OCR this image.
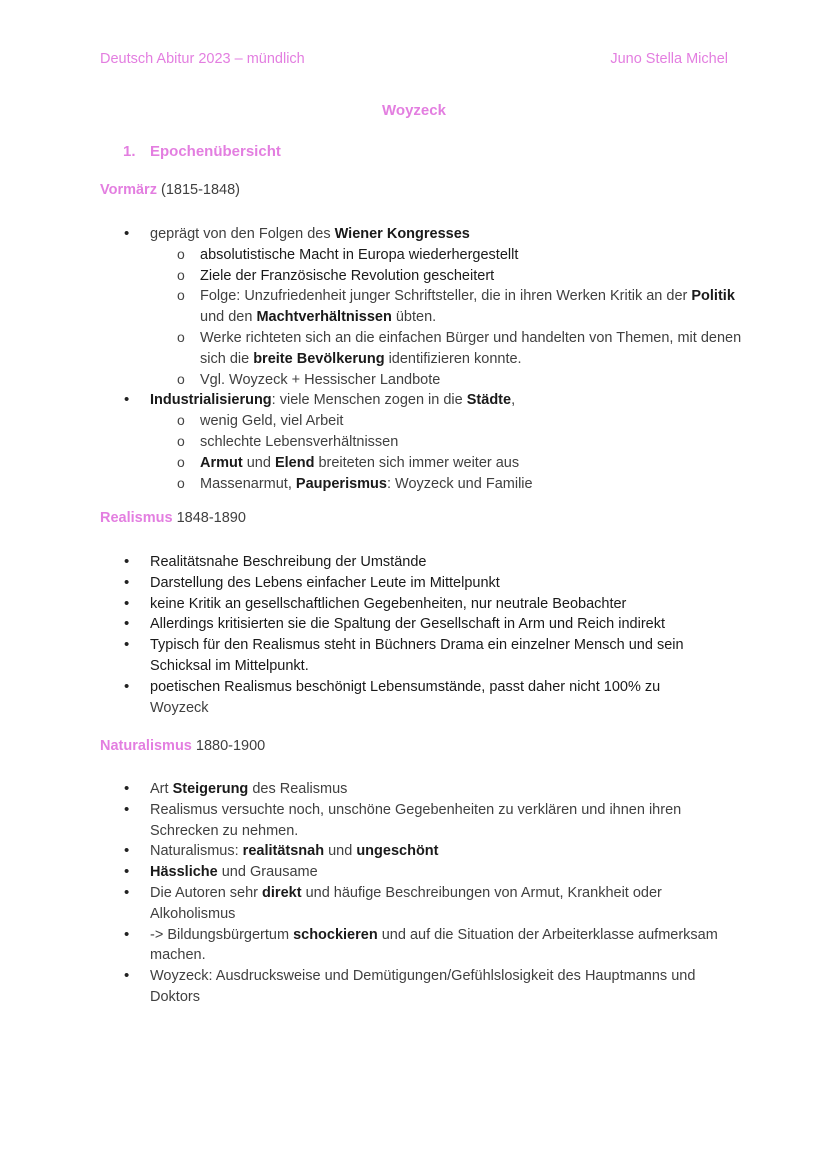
Deutsch Abitur 2023 – mündlich	Juno Stella Michel
Woyzeck
1. Epochenübersicht
Vormärz (1815-1848)
• geprägt von den Folgen des Wiener Kongresses
o absolutistische Macht in Europa wiederhergestellt
o Ziele der Französische Revolution gescheitert
o Folge: Unzufriedenheit junger Schriftsteller, die in ihren Werken Kritik an der Politik und den Machtverhältnissen übten.
o Werke richteten sich an die einfachen Bürger und handelten von Themen, mit denen sich die breite Bevölkerung identifizieren konnte.
o Vgl. Woyzeck + Hessischer Landbote
• Industrialisierung: viele Menschen zogen in die Städte,
o wenig Geld, viel Arbeit
o schlechte Lebensverhältnissen
o Armut und Elend breiteten sich immer weiter aus
o Massenarmut, Pauperismus: Woyzeck und Familie
Realismus 1848-1890
• Realitätsnahe Beschreibung der Umstände
• Darstellung des Lebens einfacher Leute im Mittelpunkt
• keine Kritik an gesellschaftlichen Gegebenheiten, nur neutrale Beobachter
• Allerdings kritisierten sie die Spaltung der Gesellschaft in Arm und Reich indirekt
• Typisch für den Realismus steht in Büchners Drama ein einzelner Mensch und sein Schicksal im Mittelpunkt.
• poetischen Realismus beschönigt Lebensumstände, passt daher nicht 100% zu
Woyzeck
Naturalismus 1880-1900
• Art Steigerung des Realismus
• Realismus versuchte noch, unschöne Gegebenheiten zu verklären und ihnen ihren Schrecken zu nehmen.
• Naturalismus: realitätsnah und ungeschönt
• Hässliche und Grausame
• Die Autoren sehr direkt und häufige Beschreibungen von Armut, Krankheit oder Alkoholismus
• -> Bildungsbürgertum schockieren und auf die Situation der Arbeiterklasse aufmerksam machen.
• Woyzeck: Ausdrucksweise und Demütigungen/Gefühlslosigkeit des Hauptmanns und Doktors
